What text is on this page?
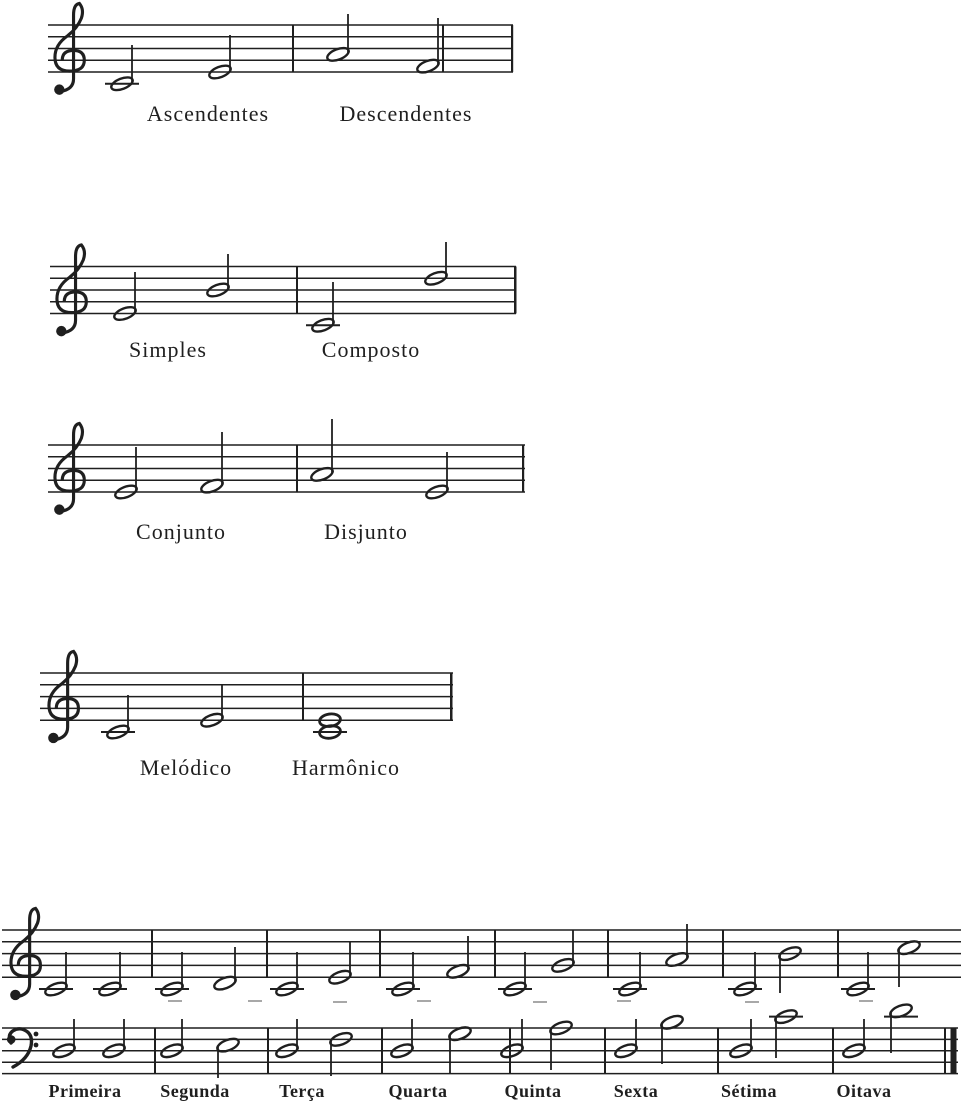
Ascendentes	Descendentes
Simples	Composto
Conjunto	Disjunto
Melódico	Harmônico
Primeira Segunda	Terça	Quarta	Quinta	Sexta	Sétima	Oitava
